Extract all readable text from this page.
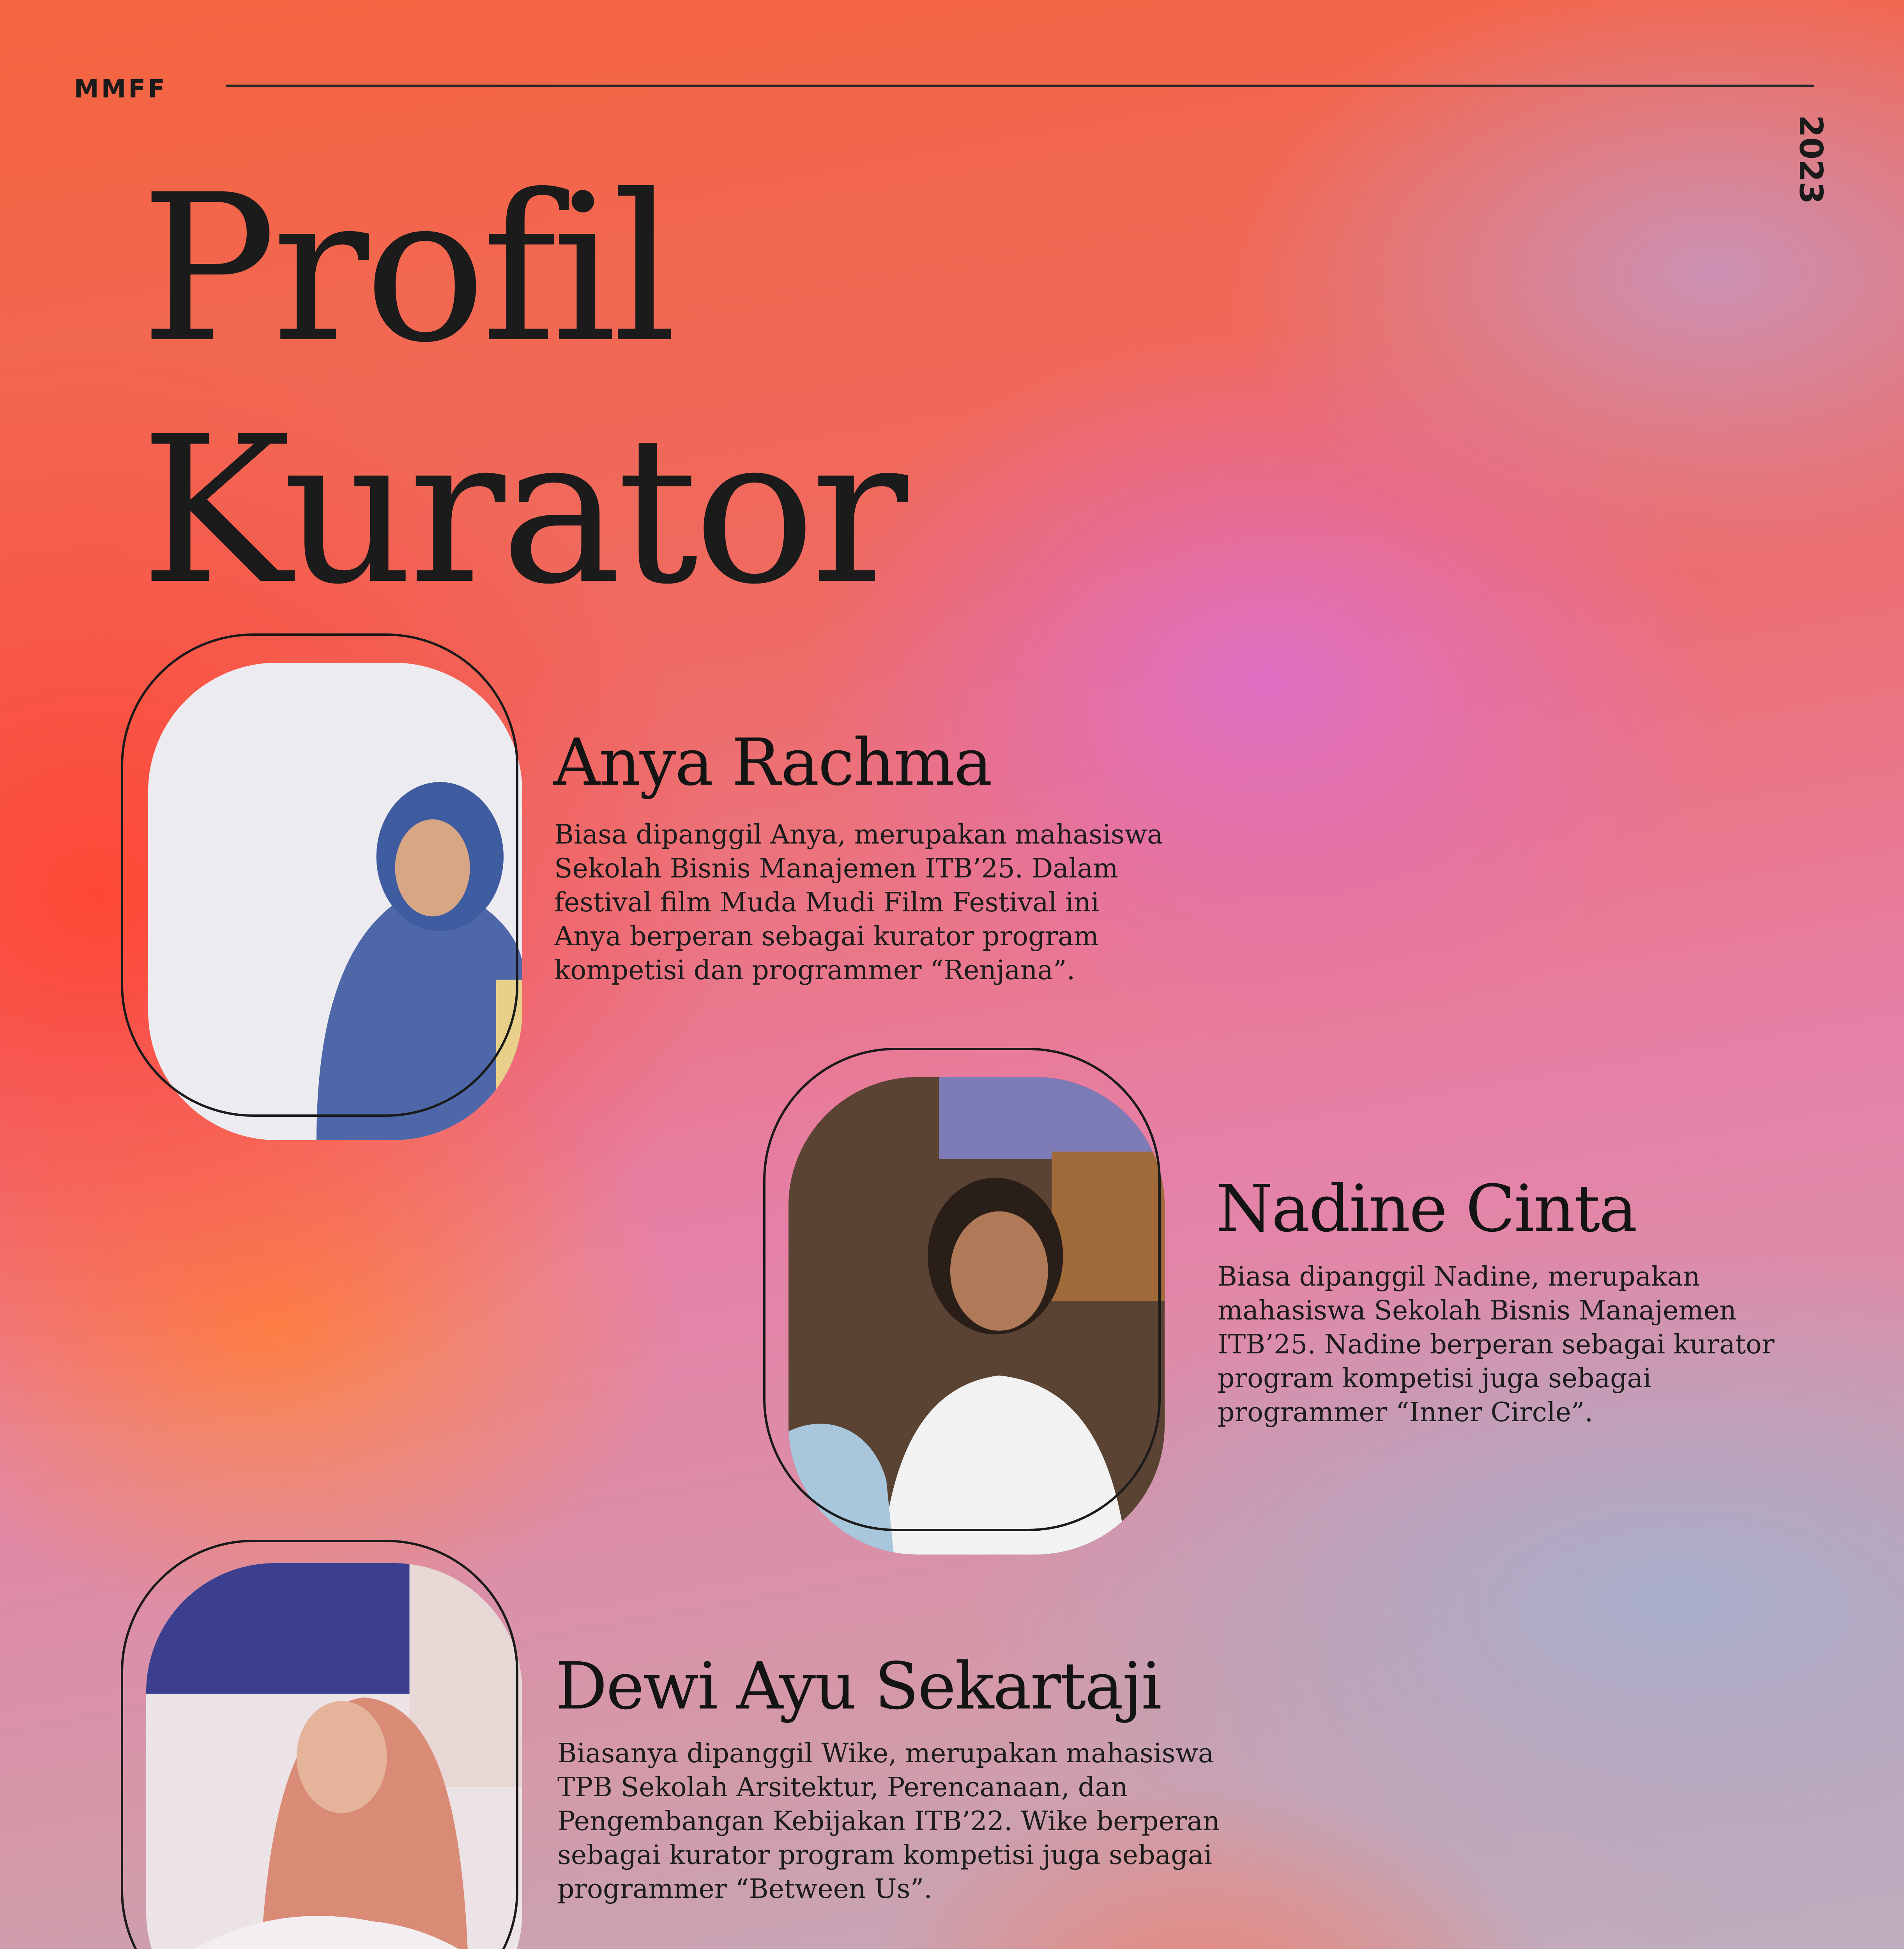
MMFF
2023
Profil
Kurator
Anya Rachma
Biasa dipanggil Anya, merupakan mahasiswa Sekolah Bisnis Manajemen ITB’25. Dalam festival film Muda Mudi Film Festival ini Anya berperan sebagai kurator program kompetisi dan programmer “Renjana”.
Nadine Cinta
Biasa dipanggil Nadine, merupakan mahasiswa Sekolah Bisnis Manajemen ITB’25. Nadine berperan sebagai kurator program kompetisi juga sebagai programmer “Inner Circle”.
Dewi Ayu Sekartaji
Biasanya dipanggil Wike, merupakan mahasiswa TPB Sekolah Arsitektur, Perencanaan, dan Pengembangan Kebijakan ITB’22. Wike berperan sebagai kurator program kompetisi juga sebagai programmer “Between Us”.
